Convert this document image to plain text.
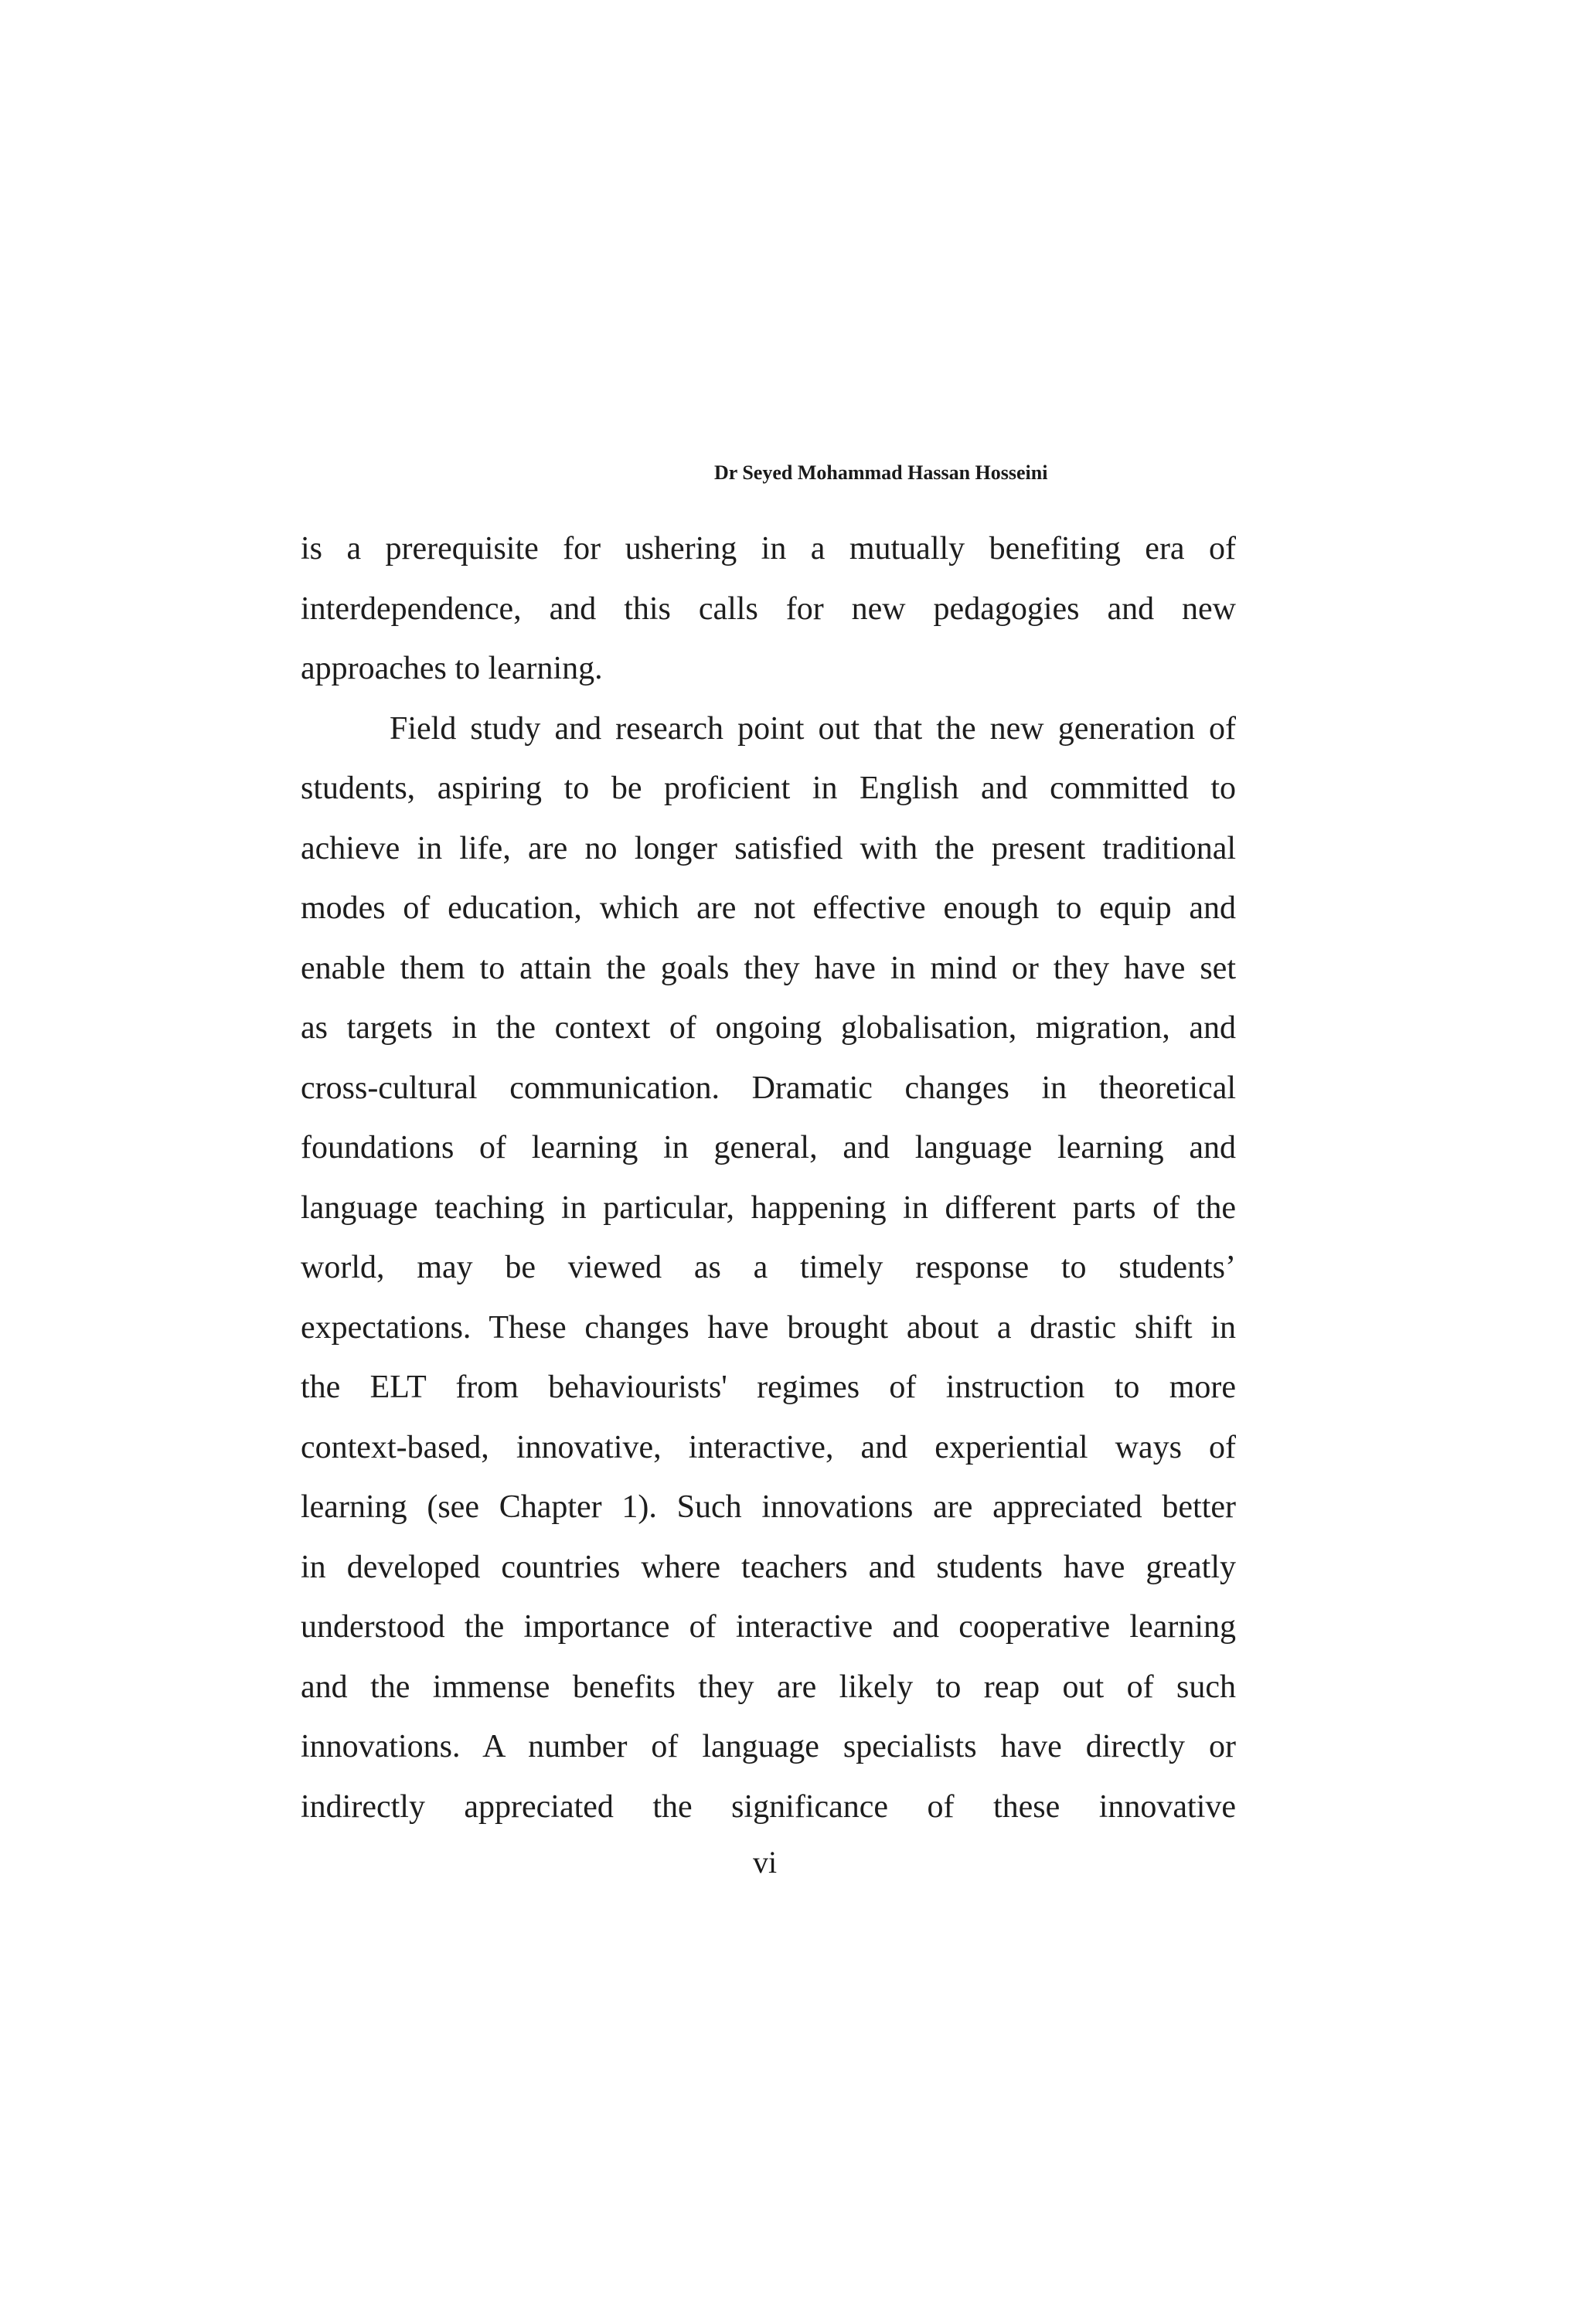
Dr Seyed Mohammad Hassan Hosseini
is a prerequisite for ushering in a mutually benefiting era of
interdependence, and this calls for new pedagogies and new
approaches to learning.
Field study and research point out that the new generation of
students, aspiring to be proficient in English and committed to
achieve in life, are no longer satisfied with the present traditional
modes of education, which are not effective enough to equip and
enable them to attain the goals they have in mind or they have set
as targets in the context of ongoing globalisation, migration, and
cross-cultural communication. Dramatic changes in theoretical
foundations of learning in general, and language learning and
language teaching in particular, happening in different parts of the
world, may be viewed as a timely response to students’
expectations. These changes have brought about a drastic shift in
the ELT from behaviourists' regimes of instruction to more
context-based, innovative, interactive, and experiential ways of
learning (see Chapter 1). Such innovations are appreciated better
in developed countries where teachers and students have greatly
understood the importance of interactive and cooperative learning
and the immense benefits they are likely to reap out of such
innovations. A number of language specialists have directly or
indirectly appreciated the significance of these innovative
vi
